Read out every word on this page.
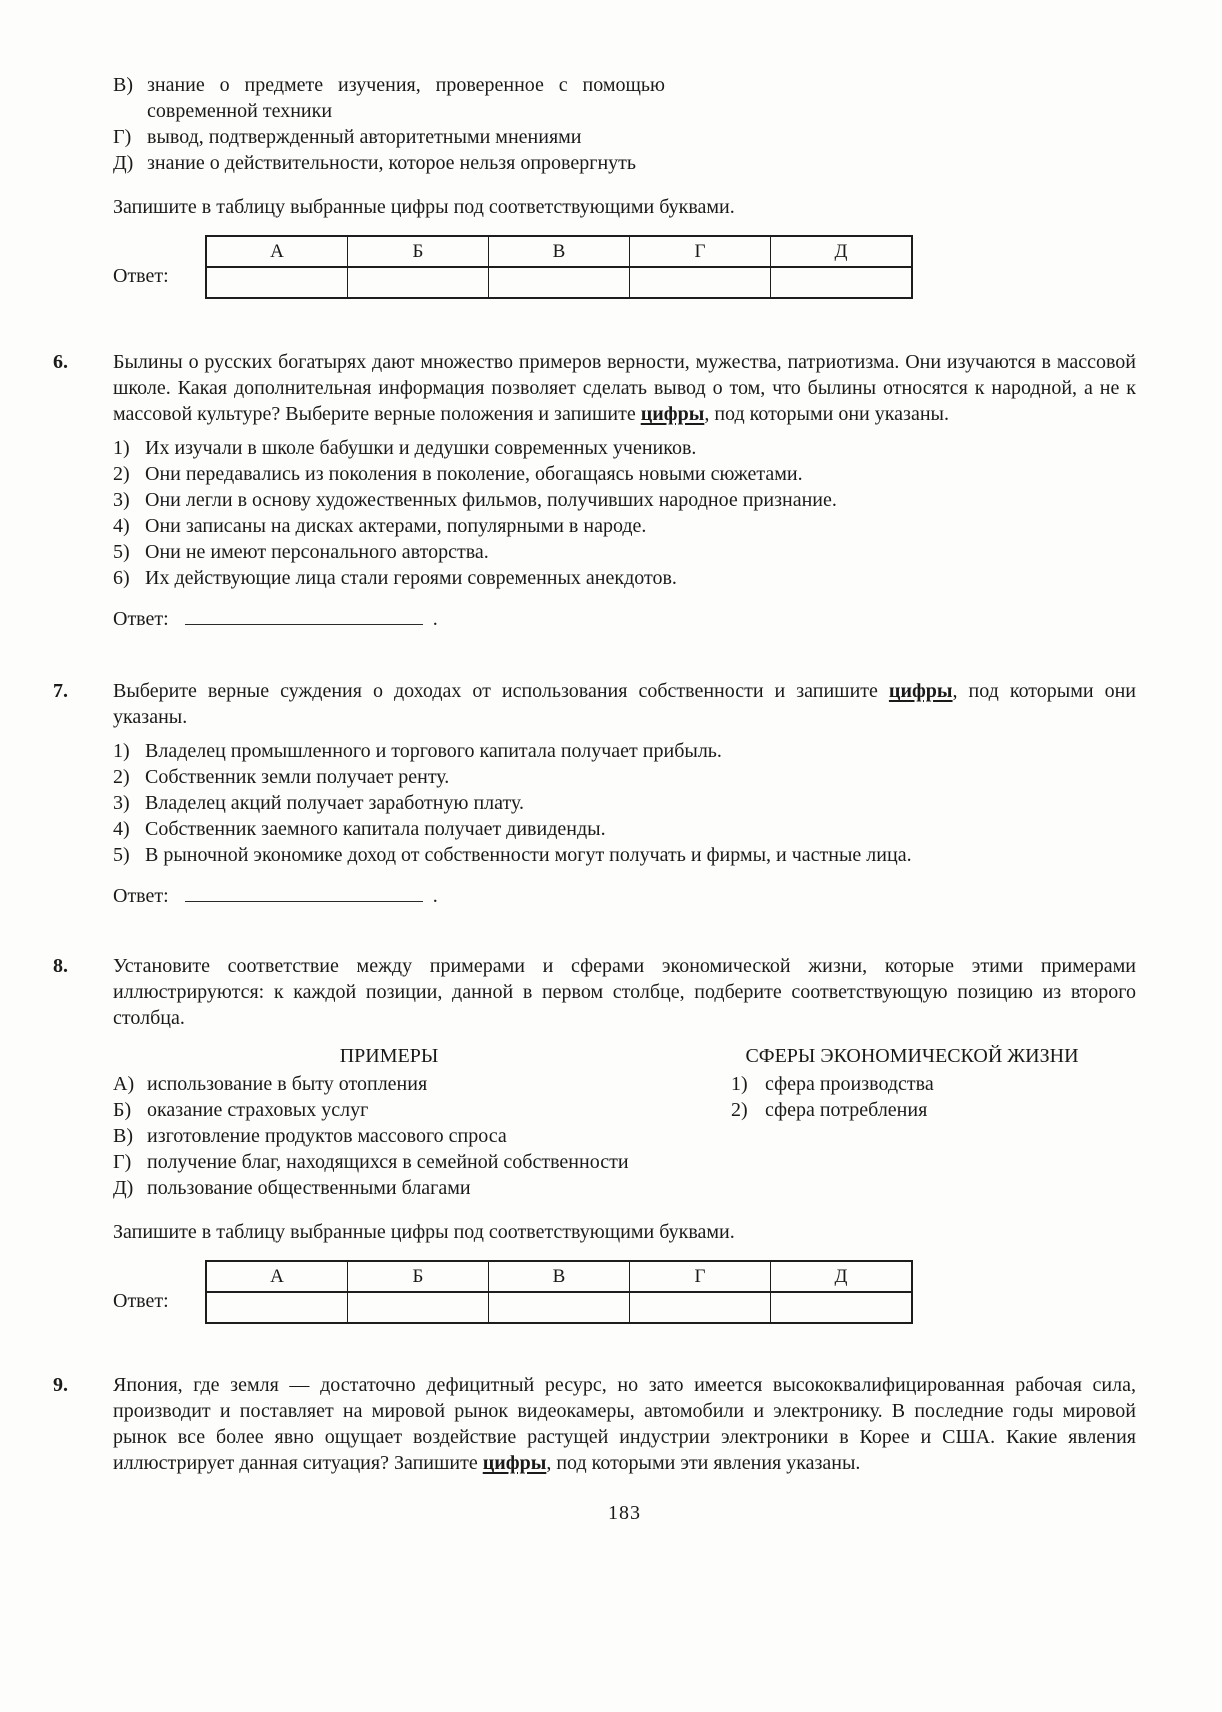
В) знание о предмете изучения, проверенное с помощью современной техники
Г) вывод, подтвержденный авторитетными мнениями
Д) знание о действительности, которое нельзя опровергнуть

Запишите в таблицу выбранные цифры под соответствующими буквами.

Ответ:
А	Б	В	Г	Д

6. Былины о русских богатырях дают множество примеров верности, мужества, патриотизма. Они изучаются в массовой школе. Какая дополнительная информация позволяет сделать вывод о том, что былины относятся к народной, а не к массовой культуре? Выберите верные положения и запишите цифры, под которыми они указаны.

1) Их изучали в школе бабушки и дедушки современных учеников.
2) Они передавались из поколения в поколение, обогащаясь новыми сюжетами.
3) Они легли в основу художественных фильмов, получивших народное признание.
4) Они записаны на дисках актерами, популярными в народе.
5) Они не имеют персонального авторства.
6) Их действующие лица стали героями современных анекдотов.
Ответ:	.
7. Выберите верные суждения о доходах от использования собственности и запишите цифры, под которыми они указаны.

1) Владелец промышленного и торгового капитала получает прибыль.
2) Собственник земли получает ренту.
3) Владелец акций получает заработную плату.
4) Собственник заемного капитала получает дивиденды.
5) В рыночной экономике доход от собственности могут получать и фирмы, и частные лица.
Ответ:	.
8. Установите соответствие между примерами и сферами экономической жизни, которые этими примерами иллюстрируются: к каждой позиции, данной в первом столбце, подберите соответствующую позицию из второго столбца.

ПРИМЕРЫ

А) использование в быту отопления
Б) оказание страховых услуг
В) изготовление продуктов массового спроса
Г) получение благ, находящихся в семейной собственности
Д) пользование общественными благами

СФЕРЫ ЭКОНОМИЧЕСКОЙ ЖИЗНИ

1) сфера производства
2) сфера потребления

Запишите в таблицу выбранные цифры под соответствующими буквами.

Ответ:
А	Б	В	Г	Д

9. Япония, где земля — достаточно дефицитный ресурс, но зато имеется высококвалифицированная рабочая сила, производит и поставляет на мировой рынок видеокамеры, автомобили и электронику. В последние годы мировой рынок все более явно ощущает воздействие растущей индустрии электроники в Корее и США. Какие явления иллюстрирует данная ситуация? Запишите цифры, под которыми эти явления указаны.

183
